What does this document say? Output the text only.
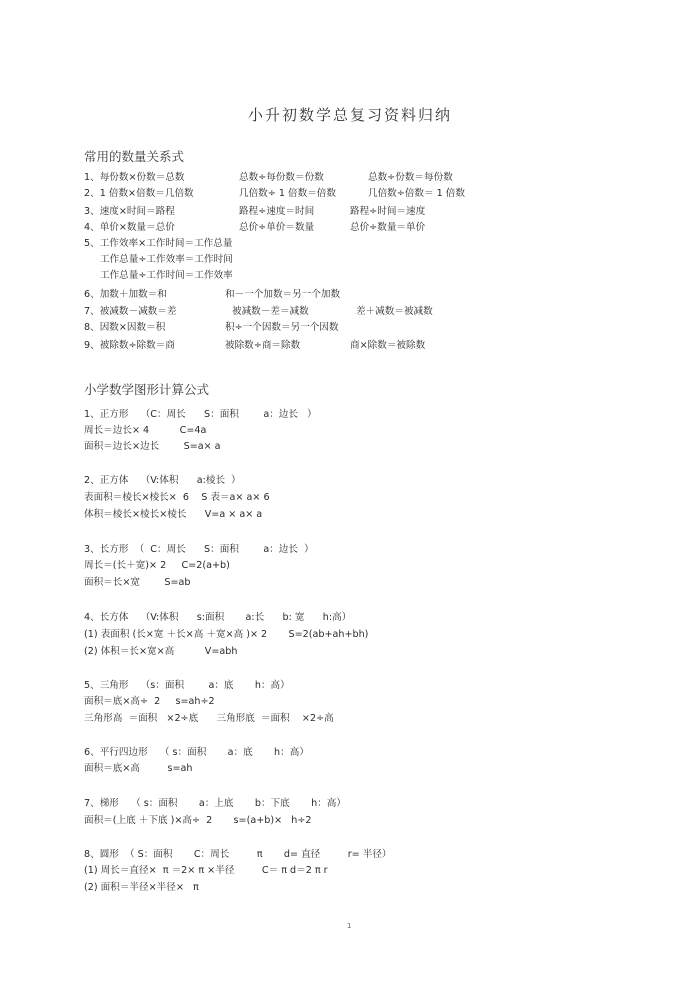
小升初数学总复习资料归纳
常用的数量关系式
1、每份数×份数＝总数	总数÷每份数＝份数	总数÷份数＝每份数
2、1 倍数×倍数＝几倍数	几倍数÷ 1 倍数＝倍数	几倍数÷倍数＝ 1 倍数
3、速度×时间＝路程	路程÷速度＝时间	路程÷时间＝速度
4、单价×数量＝总价	总价÷单价＝数量	总价÷数量＝单价
5、工作效率×工作时间＝工作总量
工作总量÷工作效率＝工作时间
工作总量÷工作时间＝工作效率
6、加数＋加数＝和	和－一个加数＝另一个加数
7、被减数－减数＝差	被减数－差＝减数	差＋减数＝被减数
8、因数×因数＝积	积÷一个因数＝另一个因数
9、被除数÷除数＝商	被除数÷商＝除数	商×除数＝被除数
小学数学图形计算公式
1、正方形    （C：周长      S：面积        a：边长   ）
周长＝边长× 4          C=4a
面积＝边长×边长        S=a× a
2、正方体    （V:体积      a:棱长  ）
表面积＝棱长×棱长×  6    S 表＝a× a× 6
体积＝棱长×棱长×棱长      V=a × a× a
3、长方形  （  C：周长      S：面积        a：边长  ）
周长＝(长＋宽)× 2     C=2(a+b)
面积＝长×宽        S=ab
4、长方体    （V:体积      s:面积       a:长      b: 宽      h:高）
(1) 表面积 (长×宽 ＋长×高 ＋宽×高 )× 2       S=2(ab+ah+bh)
(2) 体积＝长×宽×高          V=abh
5、三角形    （s：面积        a：底       h：高）
面积＝底×高÷  2     s=ah÷2
三角形高  ＝面积   ×2÷底      三角形底  ＝面积    ×2÷高
6、平行四边形    （ s：面积       a：底       h：高）
面积＝底×高         s=ah
7、梯形    （ s：面积       a：上底       b：下底       h：高）
面积＝(上底 ＋下底 )×高÷  2       s=(a+b)×   h÷2
8、圆形  （ S：面积       C：周长         π       d= 直径         r= 半径）
(1) 周长＝直径×  π ＝2× π ×半径         C＝ π d＝2 π r
(2) 面积＝半径×半径×   π
1
